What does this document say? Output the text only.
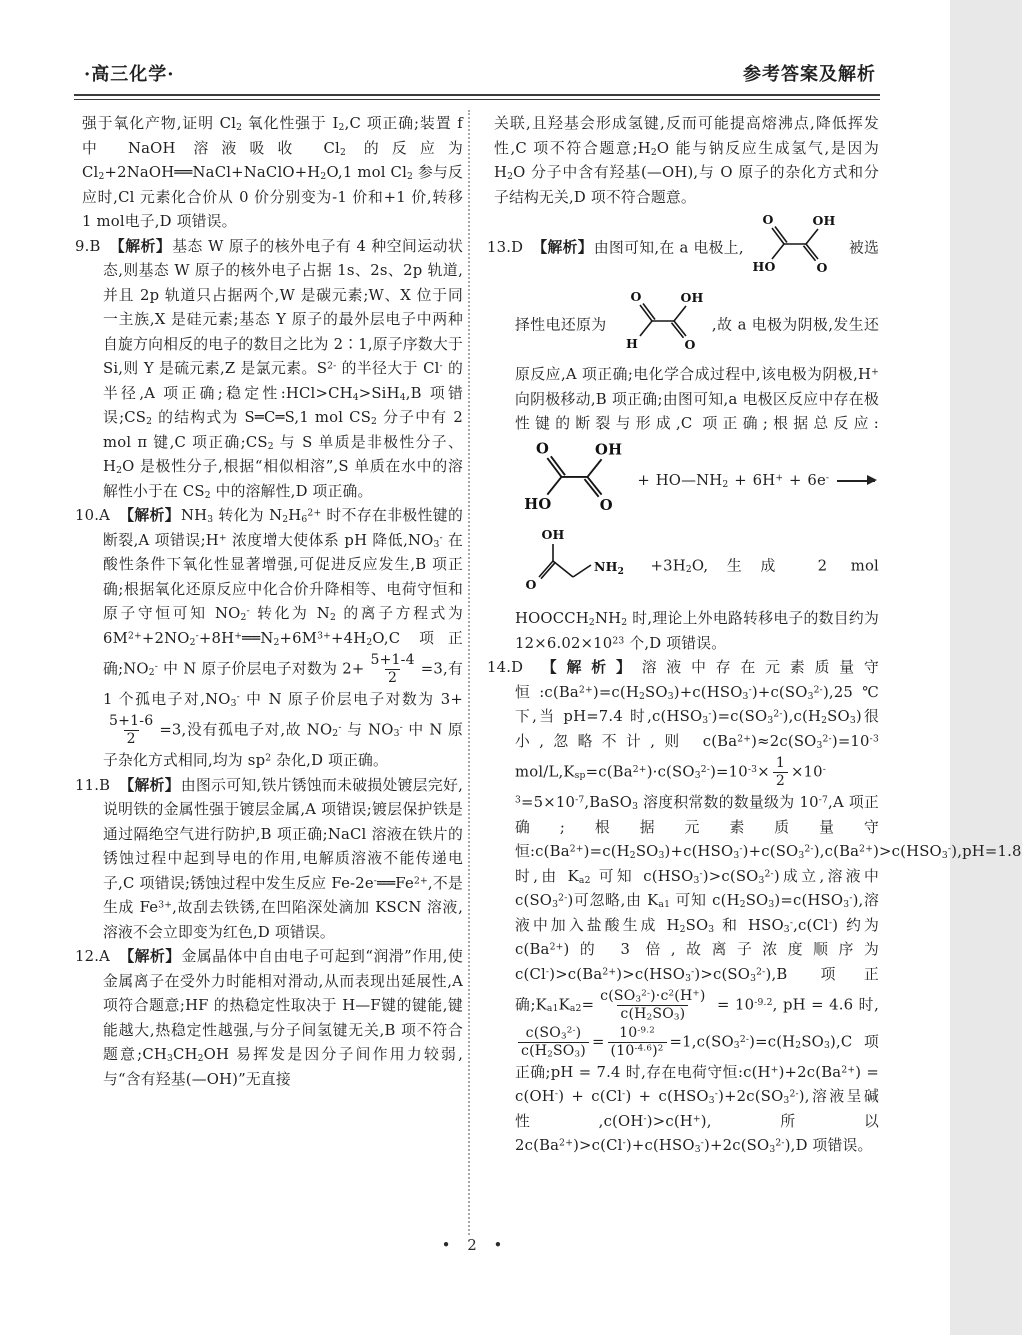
·高三化学·	参考答案及解析
强于氧化产物,证明 $Cl_2$ 氧化性强于 $I_2,C$ 项正确;装置 f 中 NaOH 溶液吸收 $Cl_2$ 的反应为 $Cl_2+2NaOH══NaCl+NaClO+H_2O,1$ mol $Cl_2$ 参与反应时,Cl 元素化合价从 0 价分别变为-1 价和+1 价,转移 1 mol电子,D 项错误。
9.B 【解析】基态 W 原子的核外电子有 4 种空间运动状态,则基态 W 原子的核外电子占据 1s、2s、2p 轨道,并且 2p 轨道只占据两个,W 是碳元素;W、X 位于同一主族,X 是硅元素;基态 Y 原子的最外层电子中两种自旋方向相反的电子的数目之比为 2∶1,原子序数大于 Si,则 Y 是硫元素,Z 是氯元素。$S^{2-}$ 的半径大于 Cl- 的半径,A 项正确;稳定性$:HCl>CH_4>SiH_4,B$ 项错误$;CS_2$ 的结构式为 S═C═S,1 mol $CS_2$ 分子中有 2 mol π 键,C 项正确$;CS_2$ 与 S 单质是非极性分子、$H_2O$ 是极性分子,根据“相似相溶”,S 单质在水中的溶解性小于在 $CS_2$ 中的溶解性,D 项正确。
10.A 【解析】$NH_3$ 转化为 $N_2H_6^{2+}$ 时不存在非极性键的断裂,A 项错误;H+ 浓度增大使体系 pH 降低$,NO_3^-$ 在酸性条件下氧化性显著增强,可促进反应发生,B 项正确;根据氧化还原反应中化合价升降相等、电荷守恒和原子守恒可知 $NO_2^-$ 转化为 $N_2$ 的离子方程式为 $6M^{2+}+2NO_2^-+8H^+══N_2+6M^{3+}+4H_2O,C$ 项正确$;NO_2^-$ 中 N 原子价层电子对数为 $2+ \frac{5+1-4}{2} =3$,有 1 个孤电子对$,NO_3^-$ 中 N 原子价层电子对数为 3+
$\frac{5+1-6}{2} =3$,没有孤电子对,故 $NO_2^-$ 与 $NO_3^-$ 中 N 原子杂化方式相同,均为 $sp^2$ 杂化,D 项正确。
11.B 【解析】由图示可知,铁片锈蚀而未破损处镀层完好,说明铁的金属性强于镀层金属,A 项错误;镀层保护铁是通过隔绝空气进行防护,B 项正确;NaCl 溶液在铁片的锈蚀过程中起到导电的作用,电解质溶液不能传递电子,C 项错误;锈蚀过程中发生反应 $Fe-2e^-══Fe^{2+}$,不是生成 $Fe^{3+}$,故刮去铁锈,在凹陷深处滴加 KSCN 溶液,溶液不会立即变为红色,D 项错误。
12.A 【解析】金属晶体中自由电子可起到“润滑”作用,使金属离子在受外力时能相对滑动,从而表现出延展性,A 项符合题意;HF 的热稳定性取决于 H—F键的键能,键能越大,热稳定性越强,与分子间氢键无关,B 项不符合题意$;CH_3CH_2OH$ 易挥发是因分子间作用力较弱,与“含有羟基(—OH)”无直接
关联,且羟基会形成氢键,反而可能提高熔沸点,降低挥发性,C 项不符合题意$;H_2O$ 能与钠反应生成氢气,是因为 $H_2O$ 分子中含有羟基(—OH),与 O 原子的杂化方式和分子结构无关,D 项不符合题意。
13.D 【解析】由图可知,在 a 电极上,
O	OH
HO	O
被选择性电还原为
O	OH
H	O
,故 a 电极为阴极,发生还原反应,A 项正确;电化学合成过程中,该电极为阴极,H+ 向阴极移动,B 项正确;由图可知,a 电极区反应中存在极性键的断裂与形成,C 项正确;根据总反应:
O	OH
HO	O
+ $HO—NH_2 + 6H^+ + 6e^-$ →
OH
O
$NH_2 +3H_2O$,生成 2 mol $HOOCCH_2NH_2$ 时,理论上外电路转移电子的数目约为 $12\times 6.02\times 10^{23}$ 个,D 项错误。
14.D 【解析】溶液中存在元素质量守恒$:c(Ba^{2+})=c(H_2SO_3)+c(HSO_3^-)+c(SO_3^{2-}),25℃$下,当 pH=7.4 时$,c(HSO_3^-)=c(SO_3^{2-}),c(H_2SO_3)$很小,忽略不计,则 $c(Ba^{2+})\approx 2c(SO_3^{2-})=10^{-3}$ mol/$L,K_{sp}=c(Ba^{2+})\cdot c(SO_3^{2-})=10^{-3}\times \frac{1}{2}$ $\times 10^{-3}=5\times 10^{-7},BaSO_3$ 溶度积常数的数量级为 $10^{-7},A$ 项正确;根据元素质量守恒$:c(Ba^{2+})=c(H_2SO_3)+c(HSO_3^-)+c(SO_3^{2-}),c(Ba^{2+})>c(HSO_3^-),pH=1.8$ 时,由 $K_{a2}$ 可知 $c(HSO_3^-)>c(SO_3^{2-})$成立,溶液中 $c(SO_3^{2-})$可忽略,由 $K_{a1}$ 可知 $c(H_2SO_3)=c(HSO_3^-)$,溶液中加入盐酸生成 $H_2SO_3$ 和 $HSO_3^-,c(Cl^-)$ 约为 $c(Ba^{2+})$的 3 倍,故离子浓度顺序为 $c(Cl^-)>c(Ba^{2+})>c(HSO_3^-)>c(SO_3^{2-}),B$ 项正确$;K_{a1}K_{a2}= \frac{c(SO_3^{2-})\cdot c^2(H^+)}{c(H_2SO_3)} = 10^{-9.2}$, pH = 4.6 时,
$\frac{c(SO_3^{2-})}{c(H_2SO_3)} = \frac{10^{-9.2}}{(10^{-4.6})^2} =1,c(SO_3^{2-})=c(H_2SO_3),C$ 项正确;pH = 7.4 时,存在电荷守恒$:c(H^+)+2c(Ba^{2+}) = c(OH^-) + c(Cl^-) + c(HSO_3^-)+2c(SO_3^{2-})$,溶液呈碱性,c(OH-)>c(H+),所以 $2c(Ba^{2+})>c(Cl^-)+c(HSO_3^-)+2c(SO_3^{2-}),D$ 项错误。
• 2 •
